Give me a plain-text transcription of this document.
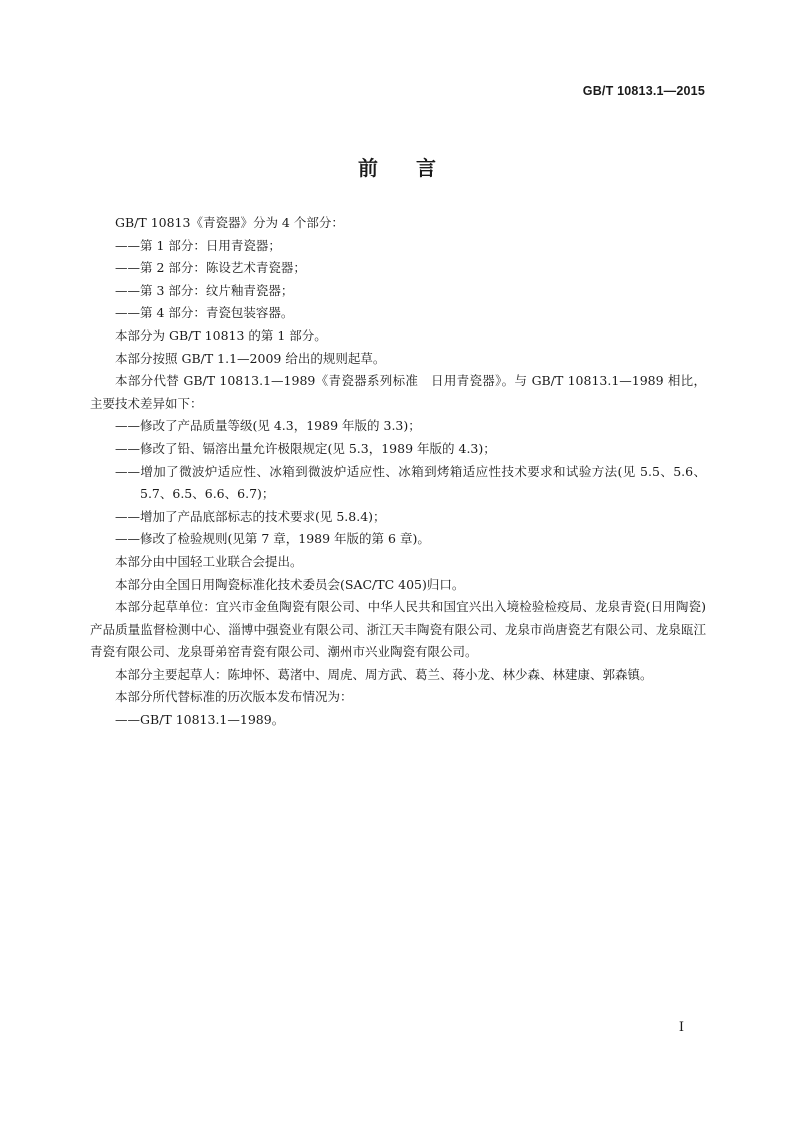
GB/T 10813.1—2015
前言

GB/T 10813《青瓷器》分为 4 个部分：

——第 1 部分：日用青瓷器；

——第 2 部分：陈设艺术青瓷器；

——第 3 部分：纹片釉青瓷器；

——第 4 部分：青瓷包装容器。

本部分为 GB/T 10813 的第 1 部分。

本部分按照 GB/T 1.1—2009 给出的规则起草。

本部分代替 GB/T 10813.1—1989《青瓷器系列标准　日用青瓷器》。与 GB/T 10813.1—1989 相比，主要技术差异如下：

——修改了产品质量等级(见 4.3，1989 年版的 3.3)；

——修改了铅、镉溶出量允许极限规定(见 5.3，1989 年版的 4.3)；

——增加了微波炉适应性、冰箱到微波炉适应性、冰箱到烤箱适应性技术要求和试验方法(见 5.5、5.6、5.7、6.5、6.6、6.7)；

——增加了产品底部标志的技术要求(见 5.8.4)；

——修改了检验规则(见第 7 章，1989 年版的第 6 章)。

本部分由中国轻工业联合会提出。

本部分由全国日用陶瓷标准化技术委员会(SAC/TC 405)归口。

本部分起草单位：宜兴市金鱼陶瓷有限公司、中华人民共和国宜兴出入境检验检疫局、龙泉青瓷(日用陶瓷)产品质量监督检测中心、淄博中强瓷业有限公司、浙江天丰陶瓷有限公司、龙泉市尚唐瓷艺有限公司、龙泉瓯江青瓷有限公司、龙泉哥弟窑青瓷有限公司、潮州市兴业陶瓷有限公司。

本部分主要起草人：陈坤怀、葛渚中、周虎、周方武、葛兰、蒋小龙、林少森、林建康、郭森镇。

本部分所代替标准的历次版本发布情况为：

——GB/T 10813.1—1989。

I
